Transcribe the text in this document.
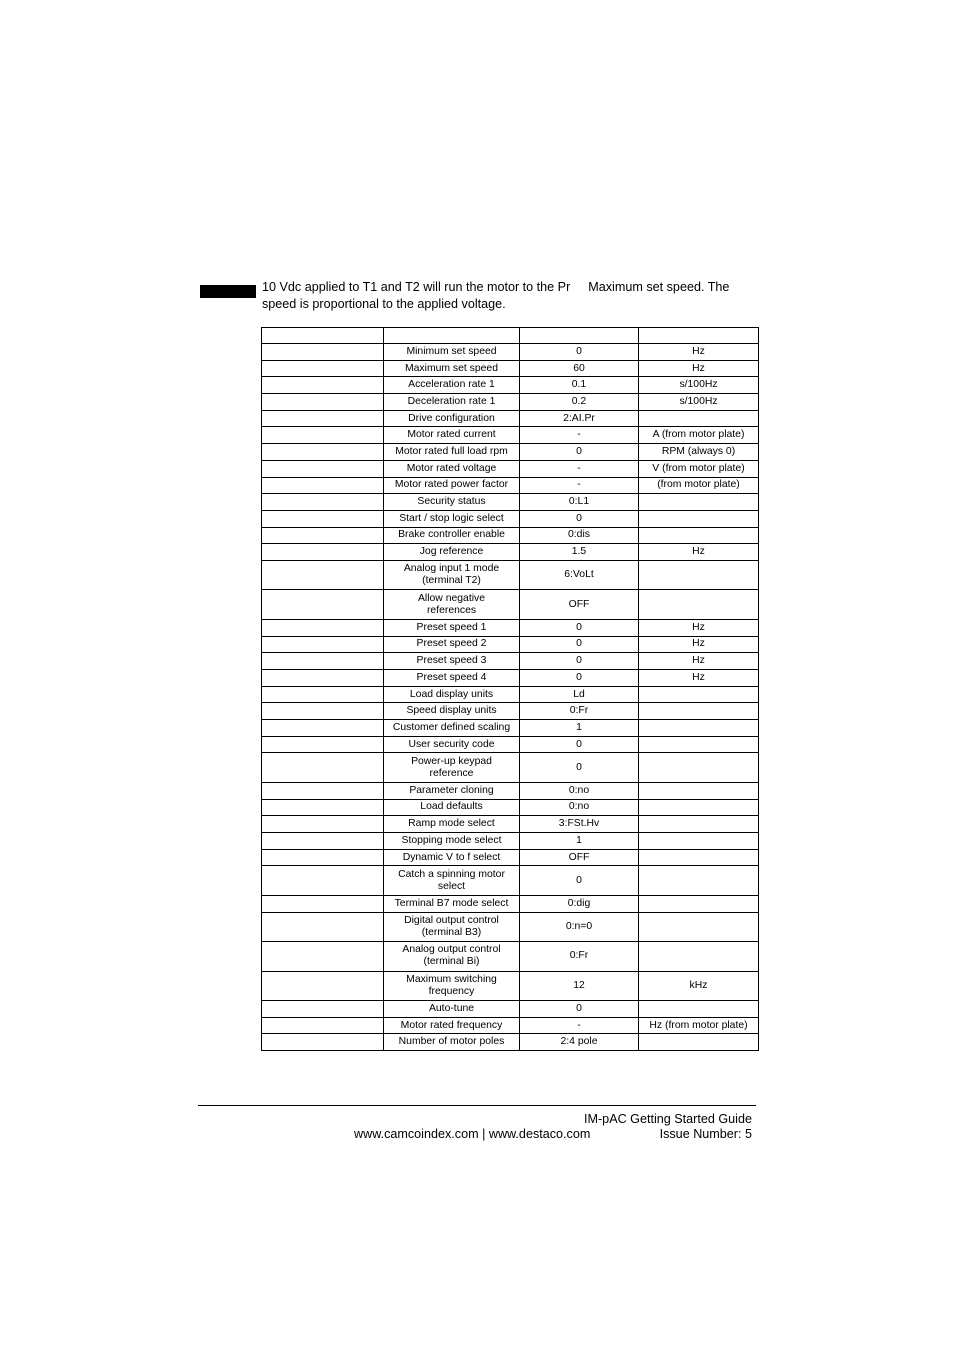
10 Vdc applied to T1 and T2 will run the motor to the Pr Maximum set speed. The
speed is proportional to the applied voltage.

	Minimum set speed	0	Hz
	Maximum set speed	60	Hz
	Acceleration rate 1	0.1	s/100Hz
	Deceleration rate 1	0.2	s/100Hz
	Drive configuration	2:AI.Pr	
	Motor rated current	-	A (from motor plate)
	Motor rated full load rpm	0	RPM (always 0)
	Motor rated voltage	-	V (from motor plate)
	Motor rated power factor	-	(from motor plate)
	Security status	0:L1	
	Start / stop logic select	0	
	Brake controller enable	0:dis	
	Jog reference	1.5	Hz
	Analog input 1 mode
(terminal T2)	6:VoLt	
	Allow negative
references	OFF	
	Preset speed 1	0	Hz
	Preset speed 2	0	Hz
	Preset speed 3	0	Hz
	Preset speed 4	0	Hz
	Load display units	Ld	
	Speed display units	0:Fr	
	Customer defined scaling	1	
	User security code	0	
	Power-up keypad
reference	0	
	Parameter cloning	0:no	
	Load defaults	0:no	
	Ramp mode select	3:FSt.Hv	
	Stopping mode select	1	
	Dynamic V to f select	OFF	
	Catch a spinning motor
select	0	
	Terminal B7 mode select	0:dig	
	Digital output control
(terminal B3)	0:n=0	
	Analog output control
(terminal Bi)	0:Fr	
	Maximum switching
frequency	12	kHz
	Auto-tune	0	
	Motor rated frequency	-	Hz (from motor plate)
	Number of motor poles	2:4 pole	
IM-pAC Getting Started Guide
www.camcoindex.com | www.destaco.com	Issue Number: 5
